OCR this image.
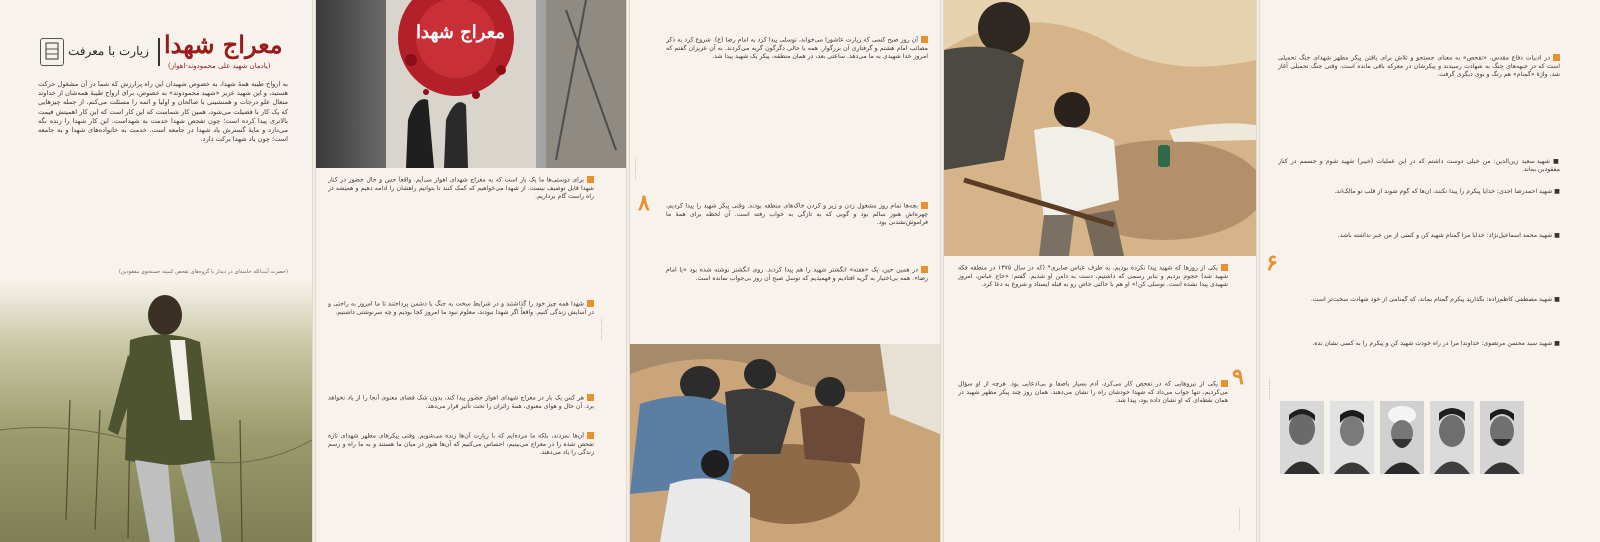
زیارت با معرفت معراج شهدا
(یادمان شهید علی محمودوند-اهواز)
به ارواح طیبه همهٔ شهدا، به خصوص شهیدان این راه پرارزش که شما در آن مشغول حرکت هستید، و این شهید عزیز «شهید محمودوند» به خصوص، برای ارواح طیبهٔ همه‌شان از خداوند متعال علو درجات و همنشینی با صالحان و اولیا و ائمه را مسئلت می‌کنم. از جمله چیزهایی که یک کار با فضیلت می‌شود، همین کار شماست که این کار است که این کار اهمیتش قیمت بالاتری پیدا کرده است؛ چون تفحص شهدا خدمت به شهداست. این کار شهدا را زنده نگه می‌دارد و مایهٔ گسترش یاد شهدا در جامعه است. خدمت به خانواده‌های شهدا و به جامعه است؛ چون یاد شهدا برکت دارد.
(حضرت آیت‌الله خامنه‌ای در دیدار با گروه‌های تفحص کمیته جستجوی مفقودین)
معراج شهدا
برای دوستی‌ها ما یک بار است که به معراج شهدای اهواز می‌آیم. واقعاً حس و حال حضور در کنار شهدا قابل توصیف نیست. از شهدا می‌خواهیم که کمک کنند تا بتوانیم راهشان را ادامه دهیم و همیشه در راه راست گام برداریم.
شهدا همه چیز خود را گذاشتند و در شرایط سخت به جنگ با دشمن پرداختند تا ما امروز به راحتی و در آسایش زندگی کنیم. واقعاً اگر شهدا نبودند، معلوم نبود ما امروز کجا بودیم و چه سرنوشتی داشتیم.
هر کس یک بار در معراج شهدای اهواز حضور پیدا کند، بدون شک فضای معنوی آنجا را از یاد نخواهد برد. آن حال و هوای معنوی، همهٔ زائران را تحت تأثیر قرار می‌دهد.
آن‌ها نمردند، بلکه ما مرده‌ایم که با زیارت آن‌ها زنده می‌شویم. وقتی پیکرهای مطهر شهدای تازه تفحص شده را در معراج می‌بینیم، احساس می‌کنیم که آن‌ها هنوز در میان ما هستند و به ما راه و رسم زندگی را یاد می‌دهند.
··············
۸
آن روز صبح کسی که زیارت عاشورا می‌خواند، توسلی پیدا کرد به امام رضا (ع). شروع کرد به ذکر مصائب امام هشتم و گرفتاری آن بزرگوار. همه با حالی دگرگون گریه می‌کردند. به آن عزیزان گفتم که امروز خدا شهیدی به ما می‌دهد. ساعتی بعد، در همان منطقه، پیکر یک شهید پیدا شد.
بچه‌ها تمام روز مشغول زدن و زیر و کردن خاک‌های منطقه بودند. وقتی پیکر شهید را پیدا کردیم، چهره‌اش هنوز سالم بود و گویی که به تازگی به خواب رفته است. آن لحظه برای همهٔ ما فراموش‌نشدنی بود.
در همین حین، یک «هفته» انگشتر شهید را هم پیدا کردند. روی انگشتر نوشته شده بود «یا امام رضا». همه بی‌اختیار به گریه افتادیم و فهمیدیم که توسل صبح آن روز بی‌جواب نمانده است.
··············
۹
یکی از روزها که شهید پیدا نکرده بودیم، به طرف عباس صابری* (که در سال ۱۳۷۵ در منطقه فکه شهید شد) حجوم بردیم و بنابر رسمی که داشتیم، دست به دامن او شدیم. گفتم: «حاج عباس، امروز شهیدی پیدا نشده است. توسلی کن!» او هم با حالتی خاص رو به قبله ایستاد و شروع به دعا کرد.
یکی از نیروهایی که در تفحص کار می‌کرد، آدم بسیار باصفا و بی‌ادعایی بود. هرچه از او سؤال می‌کردیم، تنها جواب می‌داد که شهدا خودشان راه را نشان می‌دهند. همان روز چند پیکر مطهر شهید در همان نقطه‌ای که او نشان داده بود، پیدا شد.
··············
در ادبیات دفاع مقدس، «تفحص» به معنای جستجو و تلاش برای یافتن پیکر مطهر شهدای جنگ تحمیلی است که در جبهه‌های جنگ به شهادت رسیدند و پیکرشان در معرکه باقی مانده است. وقتی جنگ تحمیلی آغاز شد، واژهٔ «گمنام» هم رنگ و بوی دیگری گرفت.
■ شهید سعید زین‌الدین: من خیلی دوست داشتم که در این عملیات (خیبر) شهید شوم و جسمم در کنار مفقودین بماند.
■ شهید احمدرضا احدی: خدایا پیکرم را پیدا نکنند، آن‌ها که گوم شوند از قلب تو مالک‌اند.
■ شهید محمد اسماعیل‌نژاد: خدایا مرا گمنام شهید کن و کسی از من خبر نداشته باشد.
■ شهید مصطفی کاظم‌زاده: بگذارید پیکرم گمنام بماند، که گمنامی از خود شهادت سخت‌تر است.
■ شهید سید محسن مرتضوی: خداوندا مرا در راه خودت شهید کن و پیکرم را به کسی نشان نده.
۶
··············
